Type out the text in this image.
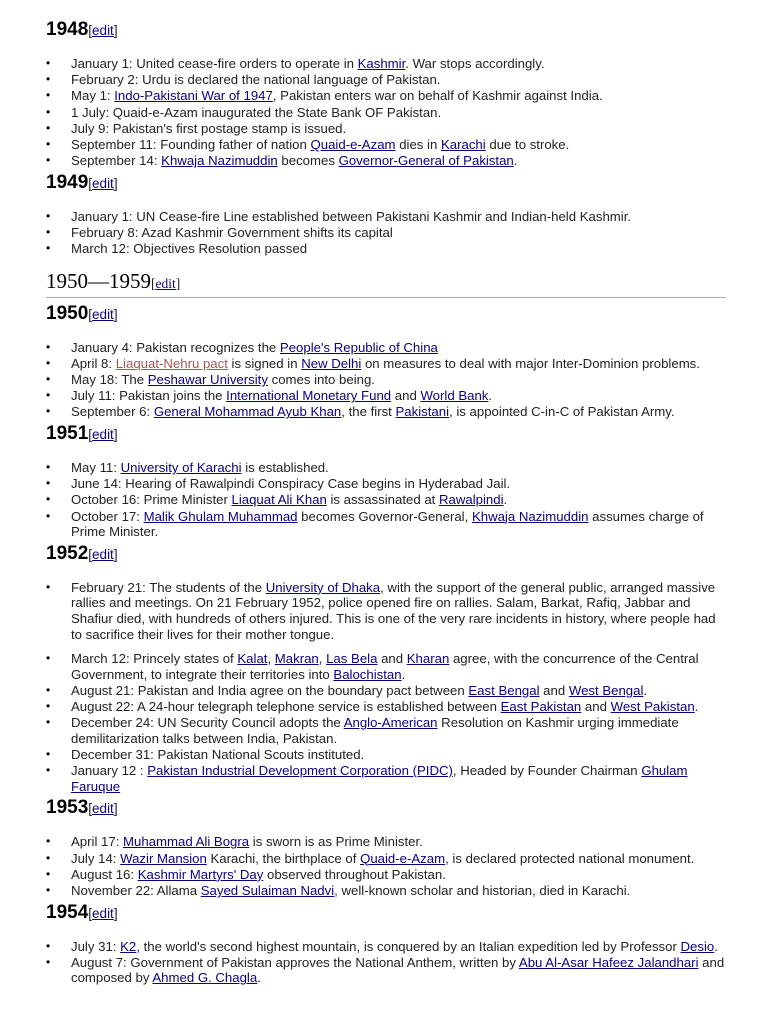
1948[edit]
• January 1: United cease-fire orders to operate in Kashmir. War stops accordingly.
• February 2: Urdu is declared the national language of Pakistan.
• May 1: Indo-Pakistani War of 1947, Pakistan enters war on behalf of Kashmir against India.
• 1 July: Quaid-e-Azam inaugurated the State Bank OF Pakistan.
• July 9: Pakistan's first postage stamp is issued.
• September 11: Founding father of nation Quaid-e-Azam dies in Karachi due to stroke.
• September 14: Khwaja Nazimuddin becomes Governor-General of Pakistan.
1949[edit]
• January 1: UN Cease-fire Line established between Pakistani Kashmir and Indian-held Kashmir.
• February 8: Azad Kashmir Government shifts its capital
• March 12: Objectives Resolution passed
1950—1959[edit]
1950[edit]
• January 4: Pakistan recognizes the People's Republic of China
• April 8: Liaquat-Nehru pact is signed in New Delhi on measures to deal with major Inter-Dominion problems.
• May 18: The Peshawar University comes into being.
• July 11: Pakistan joins the International Monetary Fund and World Bank.
• September 6: General Mohammad Ayub Khan, the first Pakistani, is appointed C-in-C of Pakistan Army.
1951[edit]
• May 11: University of Karachi is established.
• June 14: Hearing of Rawalpindi Conspiracy Case begins in Hyderabad Jail.
• October 16: Prime Minister Liaquat Ali Khan is assassinated at Rawalpindi.
• October 17: Malik Ghulam Muhammad becomes Governor-General, Khwaja Nazimuddin assumes charge of Prime Minister.
1952[edit]
• February 21: The students of the University of Dhaka, with the support of the general public, arranged massive rallies and meetings. On 21 February 1952, police opened fire on rallies. Salam, Barkat, Rafiq, Jabbar and Shafiur died, with hundreds of others injured. This is one of the very rare incidents in history, where people had to sacrifice their lives for their mother tongue.
• March 12: Princely states of Kalat, Makran, Las Bela and Kharan agree, with the concurrence of the Central Government, to integrate their territories into Balochistan.
• August 21: Pakistan and India agree on the boundary pact between East Bengal and West Bengal.
• August 22: A 24-hour telegraph telephone service is established between East Pakistan and West Pakistan.
• December 24: UN Security Council adopts the Anglo-American Resolution on Kashmir urging immediate demilitarization talks between India, Pakistan.
• December 31: Pakistan National Scouts instituted.
• January 12 : Pakistan Industrial Development Corporation (PIDC), Headed by Founder Chairman Ghulam Faruque
1953[edit]
• April 17: Muhammad Ali Bogra is sworn is as Prime Minister.
• July 14: Wazir Mansion Karachi, the birthplace of Quaid-e-Azam, is declared protected national monument.
• August 16: Kashmir Martyrs' Day observed throughout Pakistan.
• November 22: Allama Sayed Sulaiman Nadvi, well-known scholar and historian, died in Karachi.
1954[edit]
• July 31: K2, the world's second highest mountain, is conquered by an Italian expedition led by Professor Desio.
• August 7: Government of Pakistan approves the National Anthem, written by Abu Al-Asar Hafeez Jalandhari and composed by Ahmed G. Chagla.
